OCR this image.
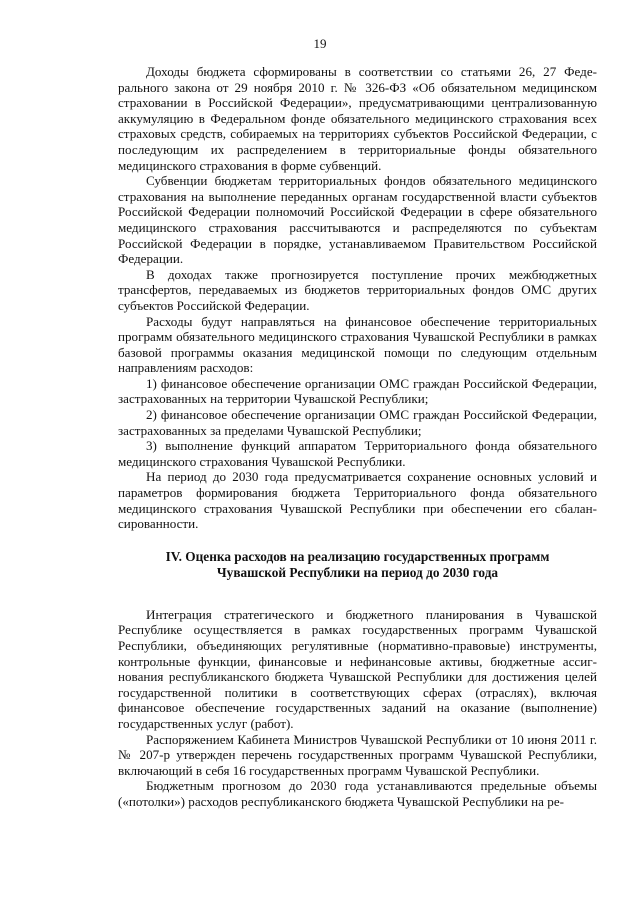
19

Доходы бюджета сформированы в соответствии со статьями 26, 27 Федерального закона от 29 ноября 2010 г. № 326-ФЗ «Об обязательном медицинском страховании в Российской Федерации», предусматривающими централизованную аккумуляцию в Федеральном фонде обязательного медицинского страхования всех страховых средств, собираемых на территориях субъектов Российской Федерации, с последующим их распределением в территориальные фонды обязательного медицинского страхования в форме субвенций.

Субвенции бюджетам территориальных фондов обязательного медицинского страхования на выполнение переданных органам государственной власти субъектов Российской Федерации полномочий Российской Федерации в сфере обязательного медицинского страхования рассчитываются и распределяются по субъектам Российской Федерации в порядке, устанавливаемом Правительством Российской Федерации.

В доходах также прогнозируется поступление прочих межбюджетных трансфертов, передаваемых из бюджетов территориальных фондов ОМС других субъектов Российской Федерации.

Расходы будут направляться на финансовое обеспечение территориальных программ обязательного медицинского страхования Чувашской Республики в рамках базовой программы оказания медицинской помощи по следующим отдельным направлениям расходов:

1) финансовое обеспечение организации ОМС граждан Российской Федерации, застрахованных на территории Чувашской Республики;

2) финансовое обеспечение организации ОМС граждан Российской Федерации, застрахованных за пределами Чувашской Республики;

3) выполнение функций аппаратом Территориального фонда обязательного медицинского страхования Чувашской Республики.

На период до 2030 года предусматривается сохранение основных условий и параметров формирования бюджета Территориального фонда обязательного медицинского страхования Чувашской Республики при обеспечении его сбалансированности.

IV. Оценка расходов на реализацию государственных программ
Чувашской Республики на период до 2030 года

Интеграция стратегического и бюджетного планирования в Чувашской Республике осуществляется в рамках государственных программ Чувашской Республики, объединяющих регулятивные (нормативно-правовые) инструменты, контрольные функции, финансовые и нефинансовые активы, бюджетные ассигнования республиканского бюджета Чувашской Республики для достижения целей государственной политики в соответствующих сферах (отраслях), включая финансовое обеспечение государственных заданий на оказание (выполнение) государственных услуг (работ).

Распоряжением Кабинета Министров Чувашской Республики от 10 июня 2011 г. № 207-р утвержден перечень государственных программ Чувашской Республики, включающий в себя 16 государственных программ Чувашской Республики.

Бюджетным прогнозом до 2030 года устанавливаются предельные объемы («потолки») расходов республиканского бюджета Чувашской Республики на ре-
